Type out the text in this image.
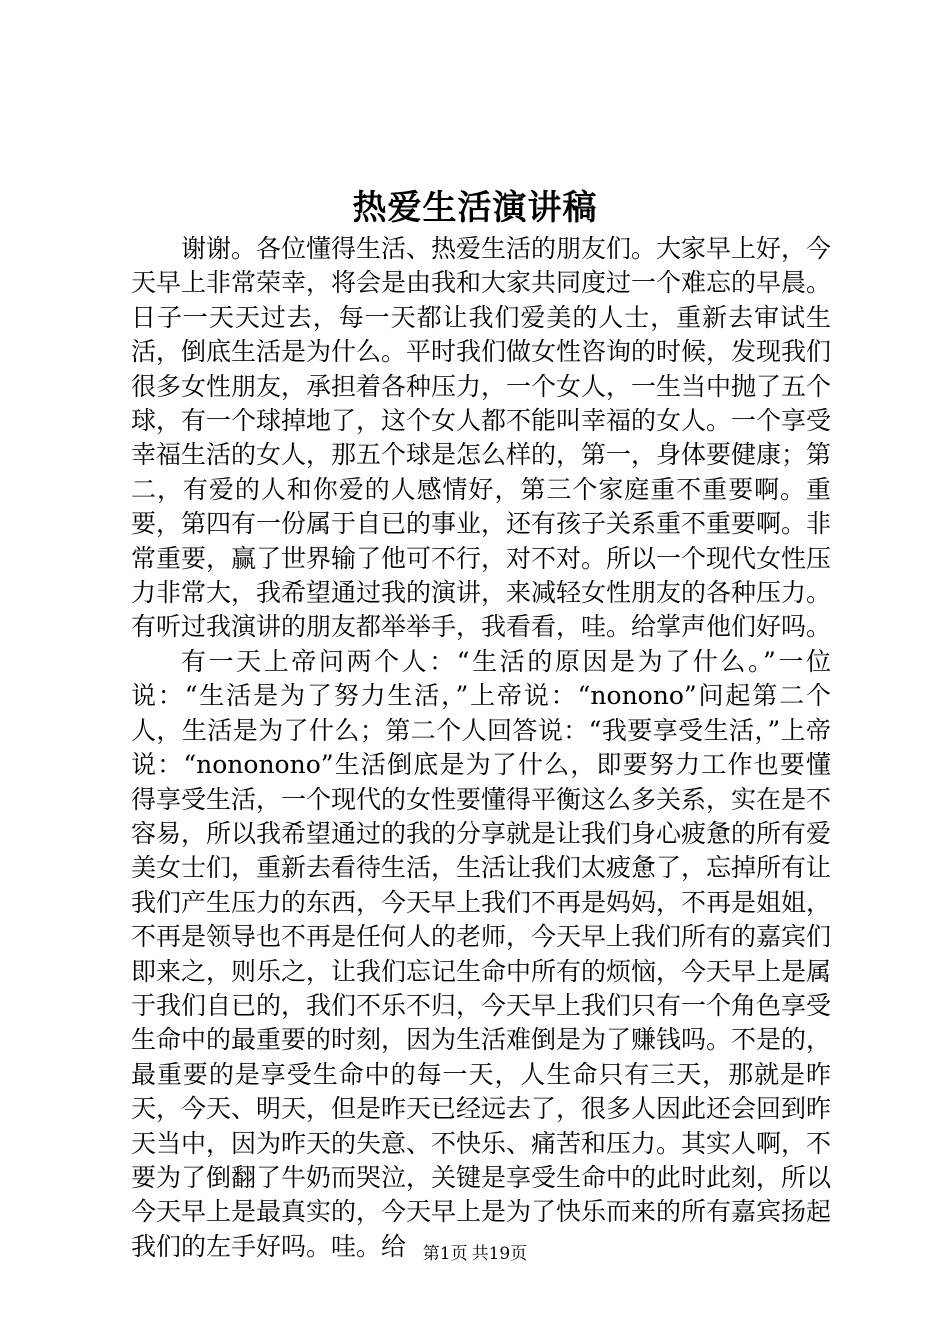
热爱生活演讲稿

谢谢。各位懂得生活、热爱生活的朋友们。大家早上好，今天早上非常荣幸，将会是由我和大家共同度过一个难忘的早晨。日子一天天过去，每一天都让我们爱美的人士，重新去审试生活，倒底生活是为什么。平时我们做女性咨询的时候，发现我们很多女性朋友，承担着各种压力，一个女人，一生当中抛了五个球，有一个球掉地了，这个女人都不能叫幸福的女人。一个享受幸福生活的女人，那五个球是怎么样的，第一，身体要健康；第二，有爱的人和你爱的人感情好，第三个家庭重不重要啊。重要，第四有一份属于自已的事业，还有孩子关系重不重要啊。非常重要，赢了世界输了他可不行，对不对。所以一个现代女性压力非常大，我希望通过我的演讲，来减轻女性朋友的各种压力。有听过我演讲的朋友都举举手，我看看，哇。给掌声他们好吗。

有一天上帝问两个人：“生活的原因是为了什么。”一位说：“生活是为了努力生活，”上帝说：“nonono”问起第二个人，生活是为了什么；第二个人回答说：“我要享受生活，”上帝说：“nononono”生活倒底是为了什么，即要努力工作也要懂得享受生活，一个现代的女性要懂得平衡这么多关系，实在是不容易，所以我希望通过的我的分享就是让我们身心疲惫的所有爱美女士们，重新去看待生活，生活让我们太疲惫了，忘掉所有让我们产生压力的东西，今天早上我们不再是妈妈，不再是姐姐，不再是领导也不再是任何人的老师，今天早上我们所有的嘉宾们即来之，则乐之，让我们忘记生命中所有的烦恼，今天早上是属于我们自已的，我们不乐不归，今天早上我们只有一个角色享受生命中的最重要的时刻，因为生活难倒是为了赚钱吗。不是的，最重要的是享受生命中的每一天，人生命只有三天，那就是昨天，今天、明天，但是昨天已经远去了，很多人因此还会回到昨天当中，因为昨天的失意、不快乐、痛苦和压力。其实人啊，不要为了倒翻了牛奶而哭泣，关键是享受生命中的此时此刻，所以今天早上是最真实的，今天早上是为了快乐而来的所有嘉宾扬起我们的左手好吗。哇。给 第1页 共19页
